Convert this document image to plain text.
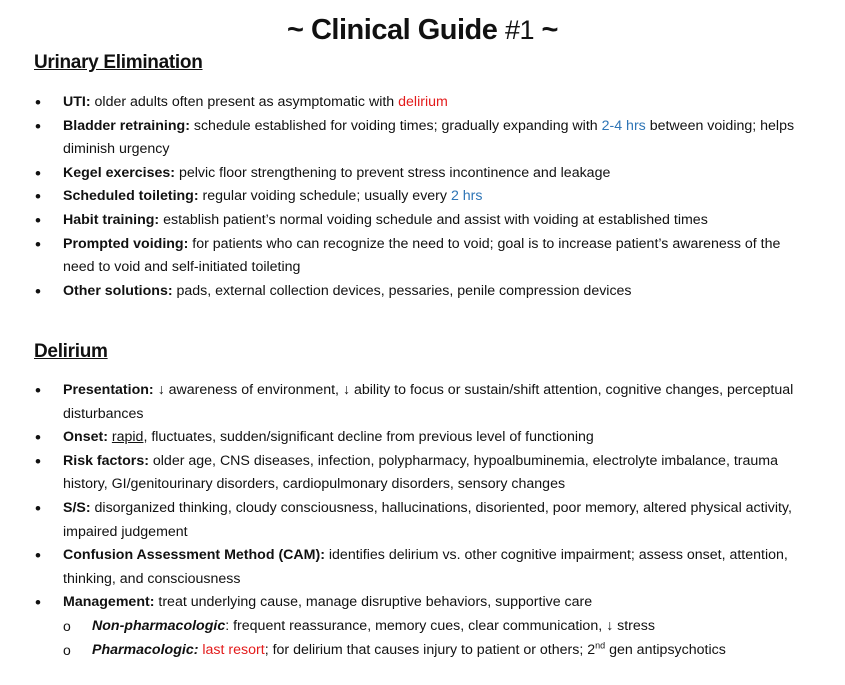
~ Clinical Guide #1 ~
Urinary Elimination
• UTI: older adults often present as asymptomatic with delirium
• Bladder retraining: schedule established for voiding times; gradually expanding with 2-4 hrs between voiding; helps diminish urgency
• Kegel exercises: pelvic floor strengthening to prevent stress incontinence and leakage
• Scheduled toileting: regular voiding schedule; usually every 2 hrs
• Habit training: establish patient’s normal voiding schedule and assist with voiding at established times
• Prompted voiding: for patients who can recognize the need to void; goal is to increase patient’s awareness of the need to void and self-initiated toileting
• Other solutions: pads, external collection devices, pessaries, penile compression devices
Delirium
• Presentation: ↓ awareness of environment, ↓ ability to focus or sustain/shift attention, cognitive changes, perceptual disturbances
• Onset: rapid, fluctuates, sudden/significant decline from previous level of functioning
• Risk factors: older age, CNS diseases, infection, polypharmacy, hypoalbuminemia, electrolyte imbalance, trauma history, GI/genitourinary disorders, cardiopulmonary disorders, sensory changes
• S/S: disorganized thinking, cloudy consciousness, hallucinations, disoriented, poor memory, altered physical activity, impaired judgement
• Confusion Assessment Method (CAM): identifies delirium vs. other cognitive impairment; assess onset, attention, thinking, and consciousness
• Management: treat underlying cause, manage disruptive behaviors, supportive care
o Non-pharmacologic: frequent reassurance, memory cues, clear communication, ↓ stress
o Pharmacologic: last resort; for delirium that causes injury to patient or others; 2nd gen antipsychotics
